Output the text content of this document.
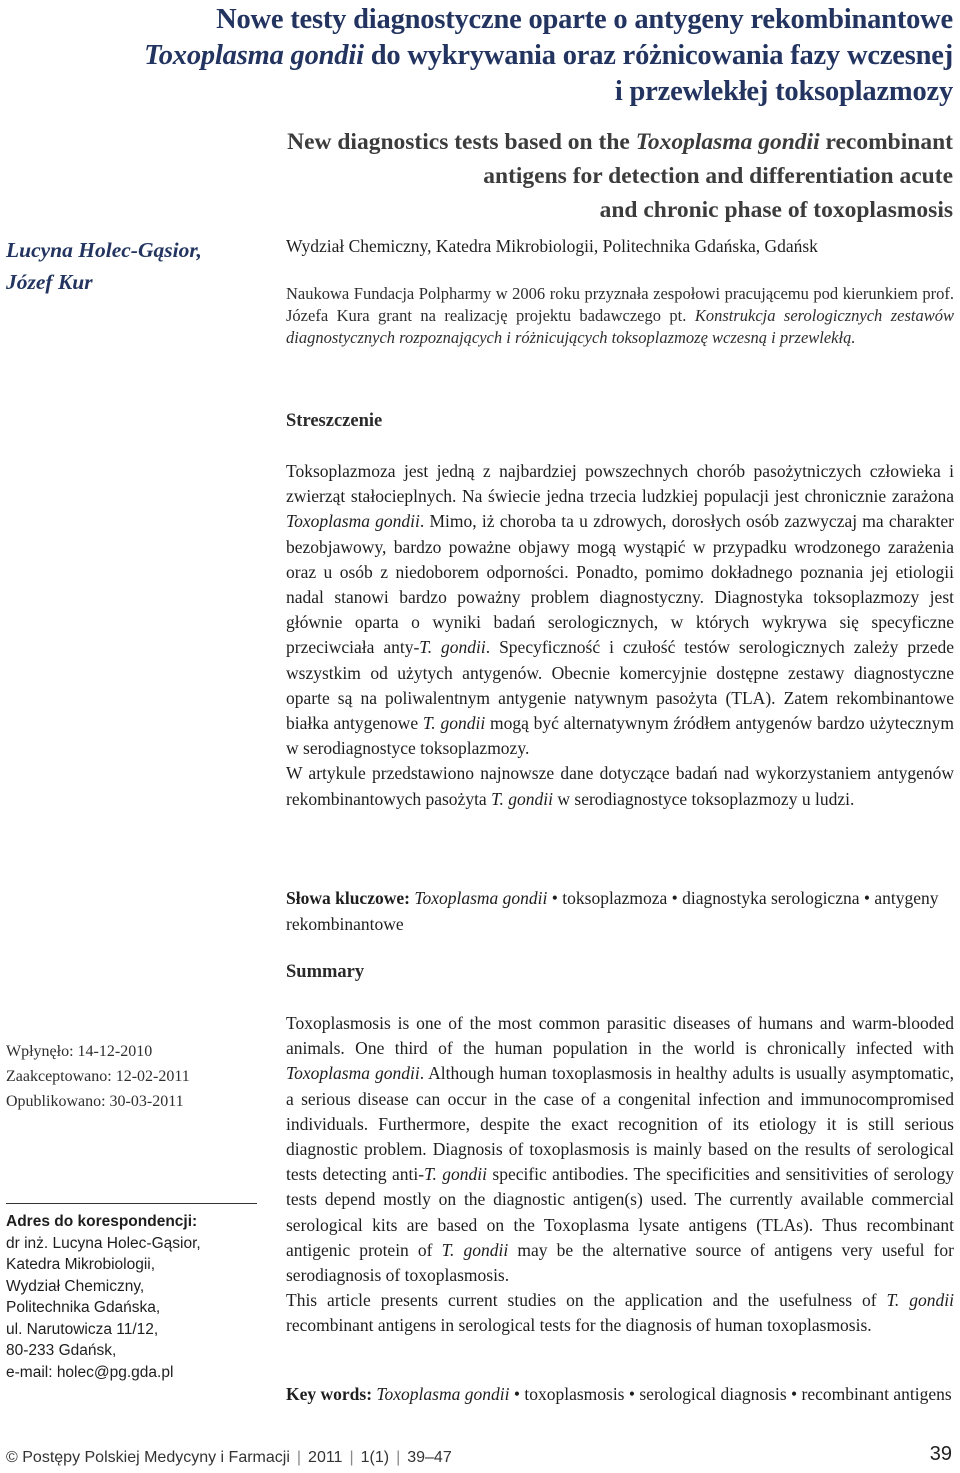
Nowe testy diagnostyczne oparte o antygeny rekombinantowe
Toxoplasma gondii do wykrywania oraz różnicowania fazy wczesnej
i przewlekłej toksoplazmozy
New diagnostics tests based on the Toxoplasma gondii recombinant
antigens for detection and differentiation acute
and chronic phase of toxoplasmosis
Lucyna Holec-Gąsior,
Józef Kur
Wydział Chemiczny, Katedra Mikrobiologii, Politechnika Gdańska, Gdańsk
Naukowa Fundacja Polpharmy w 2006 roku przyznała zespołowi pracującemu pod kierunkiem prof. Józefa Kura grant na realizację projektu badawczego pt. Konstrukcja serologicznych zestawów diagnostycznych rozpoznających i różnicujących toksoplazmozę wczesną i przewlekłą.
Streszczenie

Toksoplazmoza jest jedną z najbardziej powszechnych chorób pasożytniczych człowieka i zwierząt stałocieplnych. Na świecie jedna trzecia ludzkiej populacji jest chronicznie zarażona Toxoplasma gondii. Mimo, iż choroba ta u zdrowych, dorosłych osób zazwyczaj ma charakter bezobjawowy, bardzo poważne objawy mogą wystąpić w przypadku wrodzonego zarażenia oraz u osób z niedoborem odporności. Ponadto, pomimo dokładnego poznania jej etiologii nadal stanowi bardzo poważny problem diagnostyczny. Diagnostyka toksoplazmozy jest głównie oparta o wyniki badań serologicznych, w których wykrywa się specyficzne przeciwciała anty-T. gondii. Specyficzność i czułość testów serologicznych zależy przede wszystkim od użytych antygenów. Obecnie komercyjnie dostępne zestawy diagnostyczne oparte są na poliwalentnym antygenie natywnym pasożyta (TLA). Zatem rekombinantowe białka antygenowe T. gondii mogą być alternatywnym źródłem antygenów bardzo użytecznym w serodiagnostyce toksoplazmozy.

W artykule przedstawiono najnowsze dane dotyczące badań nad wykorzystaniem antygenów rekombinantowych pasożyta T. gondii w serodiagnostyce toksoplazmozy u ludzi.

Słowa kluczowe: Toxoplasma gondii • toksoplazmoza • diagnostyka serologiczna • antygeny rekombinantowe
Summary

Toxoplasmosis is one of the most common parasitic diseases of humans and warm-blooded animals. One third of the human population in the world is chronically infected with Toxoplasma gondii. Although human toxoplasmosis in healthy adults is usually asymptomatic, a serious disease can occur in the case of a congenital infection and immunocompromised individuals. Furthermore, despite the exact recognition of its etiology it is still serious diagnostic problem. Diagnosis of toxoplasmosis is mainly based on the results of serological tests detecting anti-T. gondii specific antibodies. The specificities and sensitivities of serology tests depend mostly on the diagnostic antigen(s) used. The currently available commercial serological kits are based on the Toxoplasma lysate antigens (TLAs). Thus recombinant antigenic protein of T. gondii may be the alternative source of antigens very useful for serodiagnosis of toxoplasmosis.

This article presents current studies on the application and the usefulness of T. gondii recombinant antigens in serological tests for the diagnosis of human toxoplasmosis.

Key words: Toxoplasma gondii • toxoplasmosis • serological diagnosis • recombinant antigens
Wpłynęło: 14-12-2010
Zaakceptowano: 12-02-2011
Opublikowano: 30-03-2011
Adres do korespondencji:
dr inż. Lucyna Holec-Gąsior,
Katedra Mikrobiologii,
Wydział Chemiczny,
Politechnika Gdańska,
ul. Narutowicza 11/12,
80-233 Gdańsk,
e-mail: holec@pg.gda.pl
© Postępy Polskiej Medycyny i Farmacji | 2011 | 1(1) | 39–47	39
